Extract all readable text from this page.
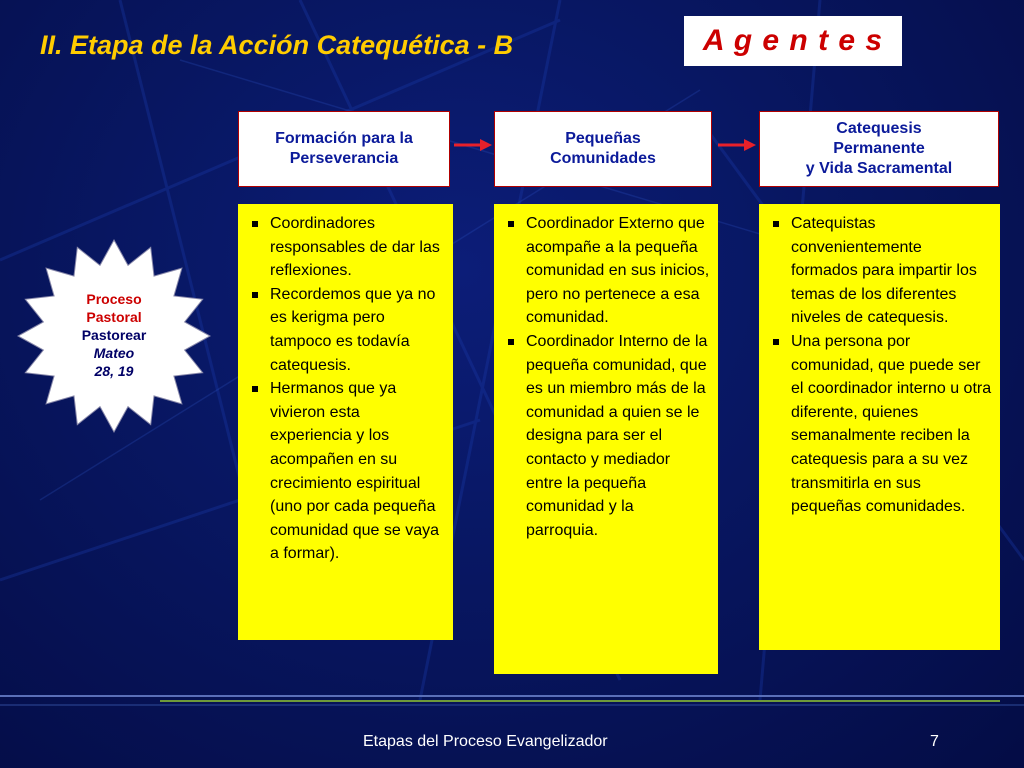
II. Etapa de la Acción Catequética - B	A g e n t e s
Formación para la
Perseverancia
Pequeñas
Comunidades
Catequesis
Permanente
y Vida Sacramental
Coordinadores responsables de dar las reflexiones.
Recordemos que ya no es kerigma pero tampoco es todavía catequesis.
Hermanos que ya vivieron esta experiencia y los acompañen en su crecimiento espiritual (uno por cada pequeña comunidad que se vaya a formar).
Coordinador Externo que acompañe a la pequeña comunidad en sus inicios, pero no pertenece a esa comunidad.
Coordinador Interno de la pequeña comunidad, que es un miembro más de la comunidad a quien se le designa para ser el contacto y mediador entre la pequeña comunidad y la parroquia.
Catequistas convenientemente formados para impartir los temas de los diferentes niveles de catequesis.
Una persona por comunidad, que puede ser el coordinador interno u otra diferente, quienes semanalmente reciben la catequesis para a su vez transmitirla en sus pequeñas comunidades.
Proceso
Pastoral
Pastorear
Mateo
28, 19
Etapas del Proceso Evangelizador	7
